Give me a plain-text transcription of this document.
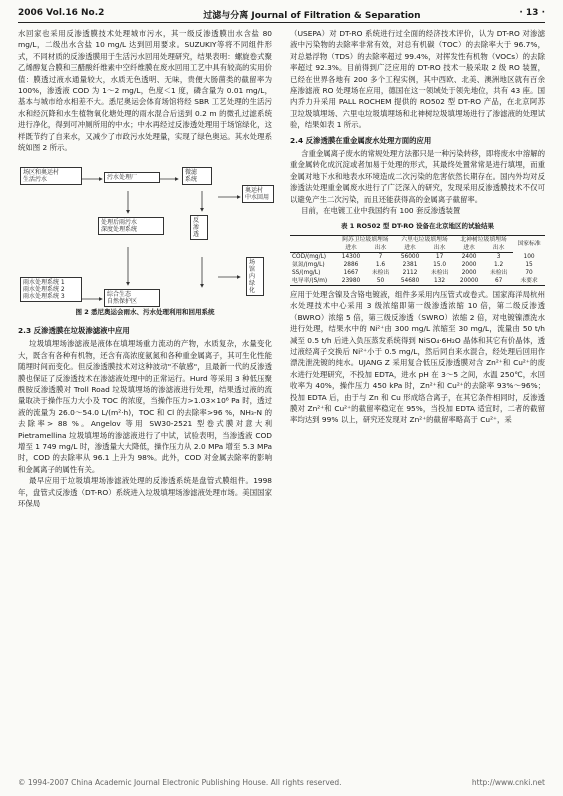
2006 Vol.16 No.2	过滤与分离 Journal of Filtration & Separation	· 13 ·

水回家也采用反渗透膜技术处理城市污水，其一级反渗透膜出水含盐 80 mg/L，二级出水含盐 10 mg/L 达到回用要求。SUZUKIY等将不同组件形式，不同材质的反渗透膜用于生活污水回用处理研究，结果表明：螺旋卷式聚乙烯醇复合膜和三醋酸纤维素中空纤维膜在废水回用工艺中具有较高的实用价值：膜透过液水通量较大，水质无色透明、无味，贵便大肠菌类的截留率为 100%，渗透液 COD 为 1～2 mg/L，色度＜1 度，磷含量为 0.01 mg/L，基本与城市给水相差不大。悉尼奥运会体育场馆将经 SBR 工艺处理的生活污水和经沉降和水生植物氧化塘处理的雨水混合后送到 0.2 m 的微孔过滤系统进行净化，得到可冲厕所用的中水；中水再经过反渗透处理用于场馆绿化，这样既节约了自来水，又减少了市政污水处理量，实现了绿色奥运。其水处理系统如图 2 所示。

场区和奥运村
生活污水	污水处理厂
微滤
系统
处理后雨污水
深度处理系统
雨水处理系统 1
雨水处理系统 2
雨水处理系统 3	综合生态
自然保护区
反
渗
透
奥运村
中水回用
场
馆
内
绿
化
图 2 悉尼奥运会雨水、污水处理利用和回用系统
2.3 反渗透膜在垃圾渗滤液中应用

垃圾填埋场渗滤液是液体在填埋场重力流动的产物，水质复杂，水量变化大，既含有各种有机物，还含有高浓度氨氮和各种重金属离子，其可生化性能随埋时间而变化。但反渗透膜技术对这种波动"不敏感"，且最新一代的反渗透膜也保证了反渗透技术在渗滤液处理中的正常运行。Hurd 等采用 3 种低压聚酰胺反渗透膜对 Troll Road 垃圾填埋场的渗滤液进行处理，结果透过液的流量取决于操作压力大小及 TOC 的浓度，当操作压力>1.03×10⁶ Pa 时，透过液的流量为 26.0～54.0 L/(m²·h)，TOC 和 Cl 的去除率>96 %，NH₃-N 的去除率> 88 %。Angelov 等用 SW30-2521 型卷式膜对意大利 Pietramellina 垃圾填埋场的渗滤液进行了中试，试验表明，当渗透液 COD 增至 1 749 mg/L 时，渗透量大大降低，操作压力从 2.0 MPa 增至 5.3 MPa 时，COD 的去除率从 96.1 上升为 98%。此外，COD 对金属去除率的影响和金属离子的属性有关。

最早应用于垃圾填埋场渗滤液处理的反渗透系统是盘管式膜组件。1998 年，盘管式反渗透（DT-RO）系统进入垃圾填埋场渗滤液处理市场。美国国家环保局

（USEPA）对 DT-RO 系统进行过全面的经济技术评价，认为 DT-RO 对渗滤液中污染物的去除率非常有效，对总有机碳（TOC）的去除率大于 96.7%，对总悬浮物（TDS）的去除率超过 99.4%，对挥发性有机物（VOCs）的去除率超过 92.3%。目前得到广泛应用的 DT-RO 技术一般采取 2 级 RO 装置，已经在世界各地有 200 多个工程实例，其中西欧、北美、澳洲地区就有百余座渗滤液 RO 处理场在应用，德国在这一领域处于领先地位，共有 43 座。国内乔力升采用 PALL ROCHEM 提供的 RO502 型 DT-RO 产品，在北京阿苏卫垃圾填埋场、六里屯垃圾填埋场和北神树垃圾填埋场进行了渗滤液的处理试验，结果如表 1 所示。

2.4 反渗透膜在重金属废水处理方面的应用

含重金属离子废水的常规处理方法都只是一种污染转移，即将废水中溶解的重金属转化成沉淀或者加易于处理的形式，其最终处置常常是进行填埋，而重金属对地下水和地表水环境造成二次污染的危害依然长期存在。国内外均对反渗透法处理重金属废水进行了广泛深入的研究，发现采用反渗透膜技术不仅可以避免产生二次污染，而且还能获得高的金属离子截留率。

目前，在电镀工业中我国约有 100 套反渗透装置

表 1 RO502 型 DT-RO 设备在北京地区的试验结果
	阿苏卫垃圾填埋场		六里屯垃圾填埋场		北神树垃圾填埋场		国家标准
	进水	出水	进水	出水	进水	出水	
COD/(mg/L)	14300	7	56000	17	2400	3	100
氨氮/(mg/L)	2886	1.6	2381	15.0	2000	1.2	15
SS/(mg/L)	1667	未检出	2112	未检出	2000	未检出	70
电导率/(S/m)	23980	50	54680	132	20000	67	未要求

应用于处理含镍及含铬电镀液，组件多采用内压管式或卷式。国家海洋局杭州水处理技术中心采用 3 级浓缩即第一级渗透浓缩 10 倍，第二级反渗透（BWRO）浓缩 5 倍，第三级反渗透（SWRO）浓缩 2 倍，对电镀镍漂洗水进行处理，结果水中的 Ni²⁺由 300 mg/L 浓缩至 30 mg/L，流量由 50 t/h 减至 0.5 t/h 后进入负压蒸发系统得到 NiSO₄·6H₂O 晶体和其它有价晶体，透过液经离子交换后 Ni²⁺小于 0.5 mg/L，然后同自来水混合，经处理后回用作漂洗泄洗镀的纯水。UJANG Z 采用复合低压反渗透膜对含 Zn²⁺和 Cu²⁺的废水进行处理研究，不投加 EDTA，进水 pH 在 3～5 之间，水温 250℃，水回收率为 40%，操作压力 450 kPa 时，Zn²⁺和 Cu²⁺的去除率 93%～96%；投加 EDTA 后，由于与 Zn 和 Cu 形成络合离子，在其它条件相同时，反渗透膜对 Zn²⁺和 Cu²⁺的截留率稳定在 95%，当投加 EDTA 适宜时，二者的截留率均达到 99% 以上，研究还发现对 Zn²⁺的截留率略高于 Cu²⁺，采

© 1994-2007 China Academic Journal Electronic Publishing House. All rights reserved.	http://www.cnki.net
